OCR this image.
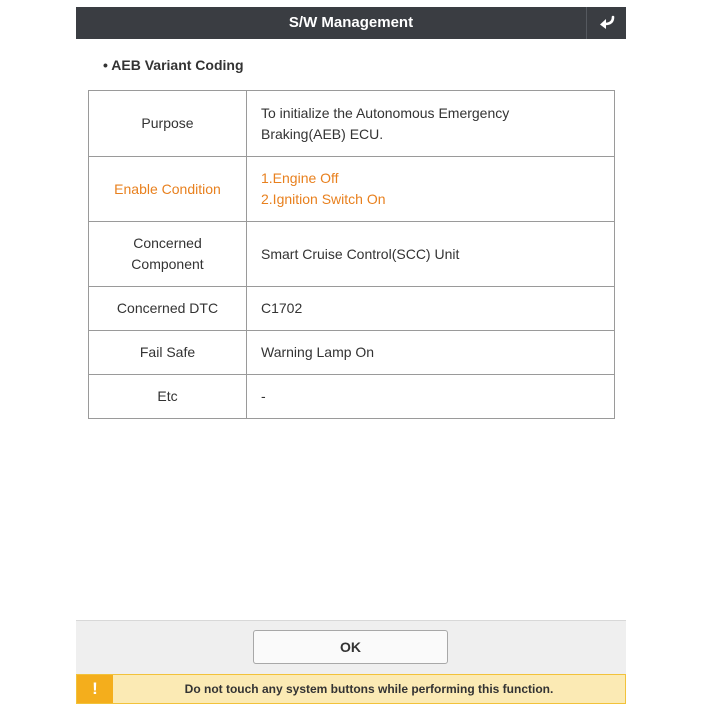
S/W Management
• AEB Variant Coding
Purpose	To initialize the Autonomous Emergency
Braking(AEB) ECU.

Enable Condition	1.Engine Off
2.Ignition Switch On

Concerned
Component	Smart Cruise Control(SCC) Unit

Concerned DTC	C1702

Fail Safe	Warning Lamp On

Etc	-
OK
!	Do not touch any system buttons while performing this function.
